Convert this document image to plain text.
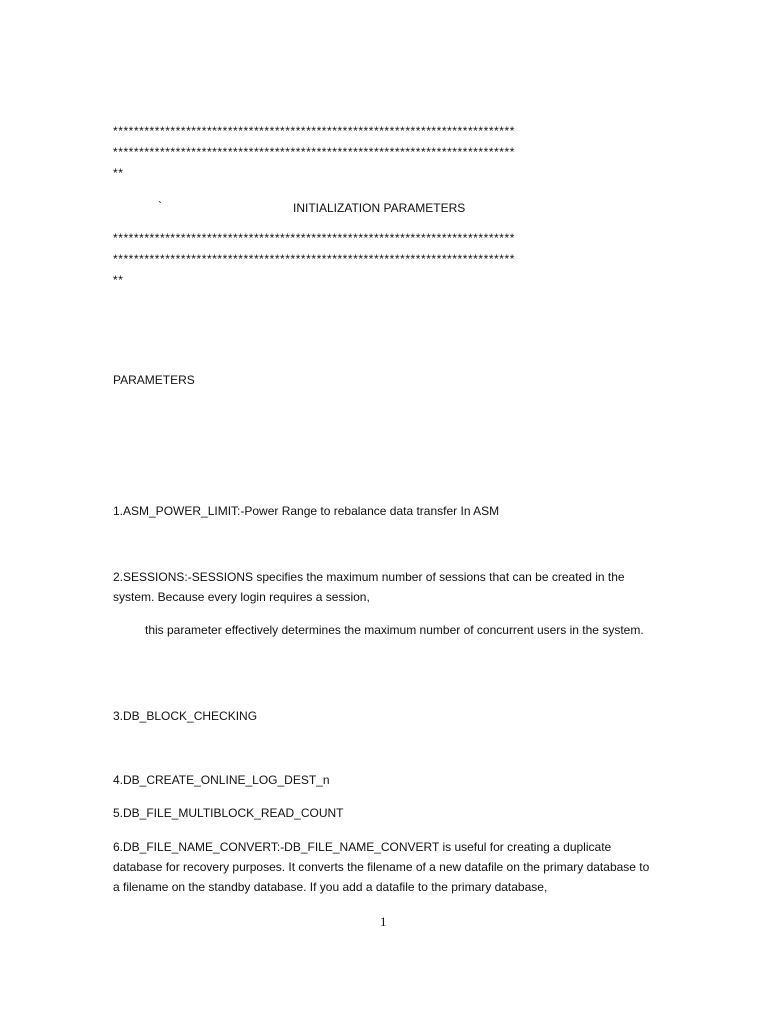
*****************************************************************************
*****************************************************************************
**
`	INITIALIZATION PARAMETERS
*****************************************************************************
*****************************************************************************
**
PARAMETERS
1.ASM_POWER_LIMIT:-Power Range to rebalance data transfer In ASM
2.SESSIONS:-SESSIONS specifies the maximum number of sessions that can be created in the system. Because every login requires a session,
this parameter effectively determines the maximum number of concurrent users in the system.
3.DB_BLOCK_CHECKING
4.DB_CREATE_ONLINE_LOG_DEST_n
5.DB_FILE_MULTIBLOCK_READ_COUNT
6.DB_FILE_NAME_CONVERT:-DB_FILE_NAME_CONVERT is useful for creating a duplicate database for recovery purposes. It converts the filename of a new datafile on the primary database to a filename on the standby database. If you add a datafile to the primary database,
1
